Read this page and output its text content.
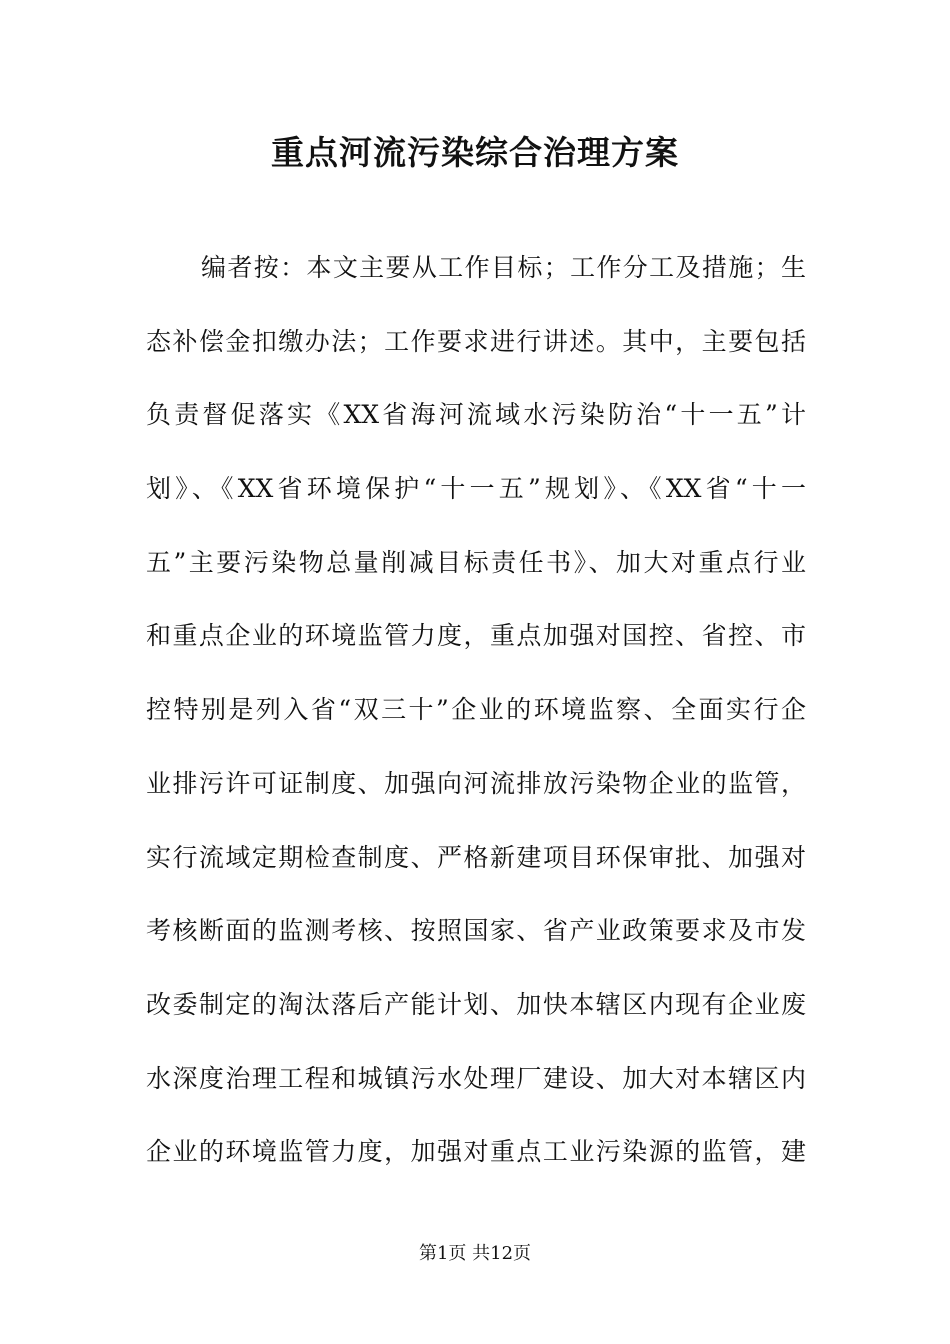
重点河流污染综合治理方案
编者按：本文主要从工作目标；工作分工及措施；生
态补偿金扣缴办法；工作要求进行讲述。其中，主要包括
负责督促落实《XX省海河流域水污染防治“十一五”计
划》、《XX省环境保护“十一五”规划》、《XX省“十一
五”主要污染物总量削减目标责任书》、加大对重点行业
和重点企业的环境监管力度，重点加强对国控、省控、市
控特别是列入省“双三十”企业的环境监察、全面实行企
业排污许可证制度、加强向河流排放污染物企业的监管，
实行流域定期检查制度、严格新建项目环保审批、加强对
考核断面的监测考核、按照国家、省产业政策要求及市发
改委制定的淘汰落后产能计划、加快本辖区内现有企业废
水深度治理工程和城镇污水处理厂建设、加大对本辖区内
企业的环境监管力度，加强对重点工业污染源的监管，建
第1页 共12页
